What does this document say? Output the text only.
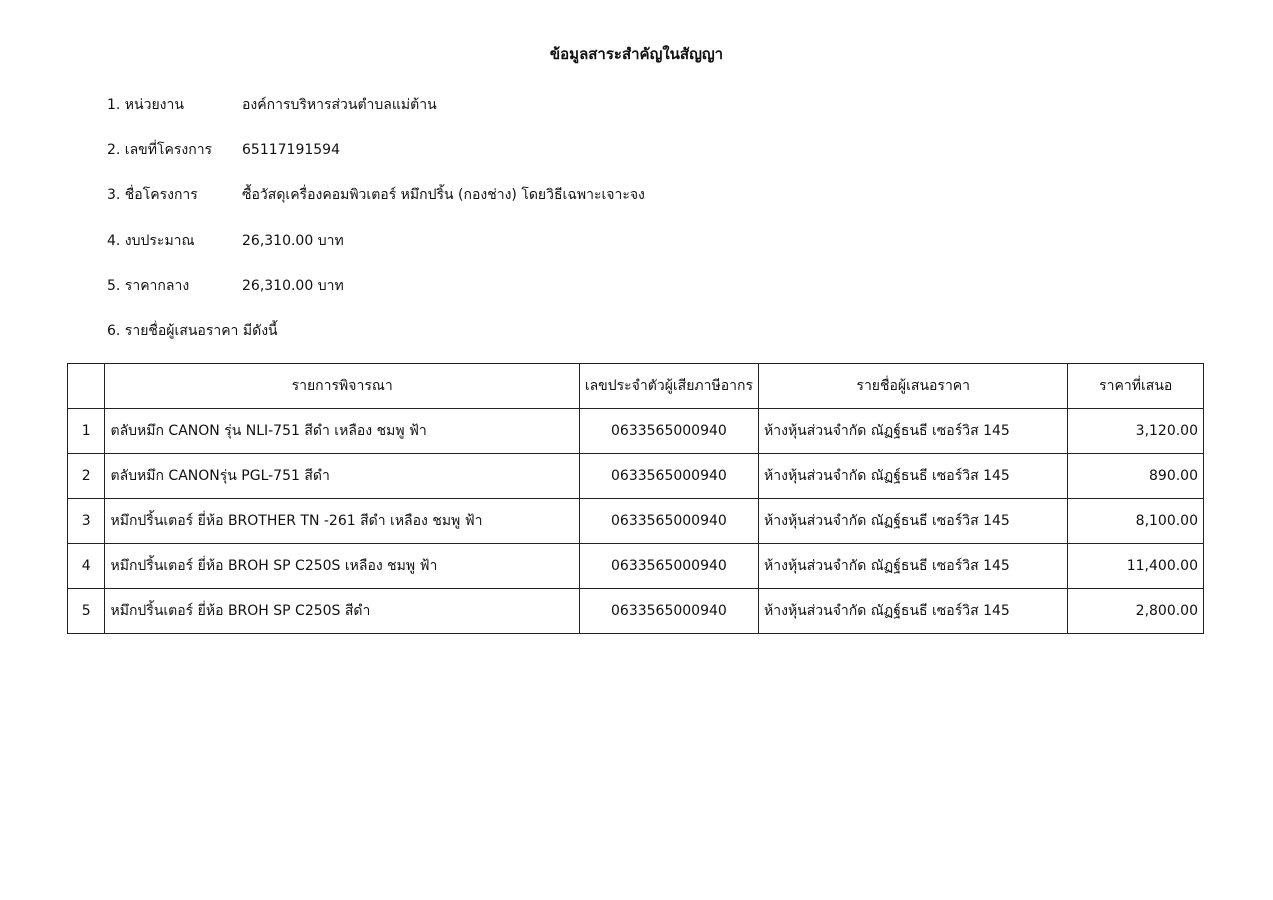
ข้อมูลสาระสำคัญในสัญญา
1. หน่วยงาน	องค์การบริหารส่วนตำบลแม่ต้าน
2. เลขที่โครงการ 65117191594
3. ชื่อโครงการ	ซื้อวัสดุเครื่องคอมพิวเตอร์ หมึกปริ้น (กองช่าง) โดยวิธีเฉพาะเจาะจง
4. งบประมาณ	26,310.00 บาท
5. ราคากลาง	26,310.00 บาท
6. รายชื่อผู้เสนอราคา มีดังนี้
	รายการพิจารณา	เลขประจำตัวผู้เสียภาษีอากร	รายชื่อผู้เสนอราคา	ราคาที่เสนอ
1	ตลับหมึก CANON รุ่น NLI-751 สีดำ เหลือง ชมพู ฟ้า	0633565000940	ห้างหุ้นส่วนจำกัด ณัฏฐ์ธนธี เซอร์วิส 145	3,120.00
2	ตลับหมึก CANONรุ่น PGL-751 สีดำ	0633565000940	ห้างหุ้นส่วนจำกัด ณัฏฐ์ธนธี เซอร์วิส 145	890.00
3	หมึกปริ้นเตอร์ ยี่ห้อ BROTHER TN -261 สีดำ เหลือง ชมพู ฟ้า	0633565000940	ห้างหุ้นส่วนจำกัด ณัฏฐ์ธนธี เซอร์วิส 145	8,100.00
4	หมึกปริ้นเตอร์ ยี่ห้อ BROH SP C250S เหลือง ชมพู ฟ้า	0633565000940	ห้างหุ้นส่วนจำกัด ณัฏฐ์ธนธี เซอร์วิส 145	11,400.00
5	หมึกปริ้นเตอร์ ยี่ห้อ BROH SP C250S สีดำ	0633565000940	ห้างหุ้นส่วนจำกัด ณัฏฐ์ธนธี เซอร์วิส 145	2,800.00
